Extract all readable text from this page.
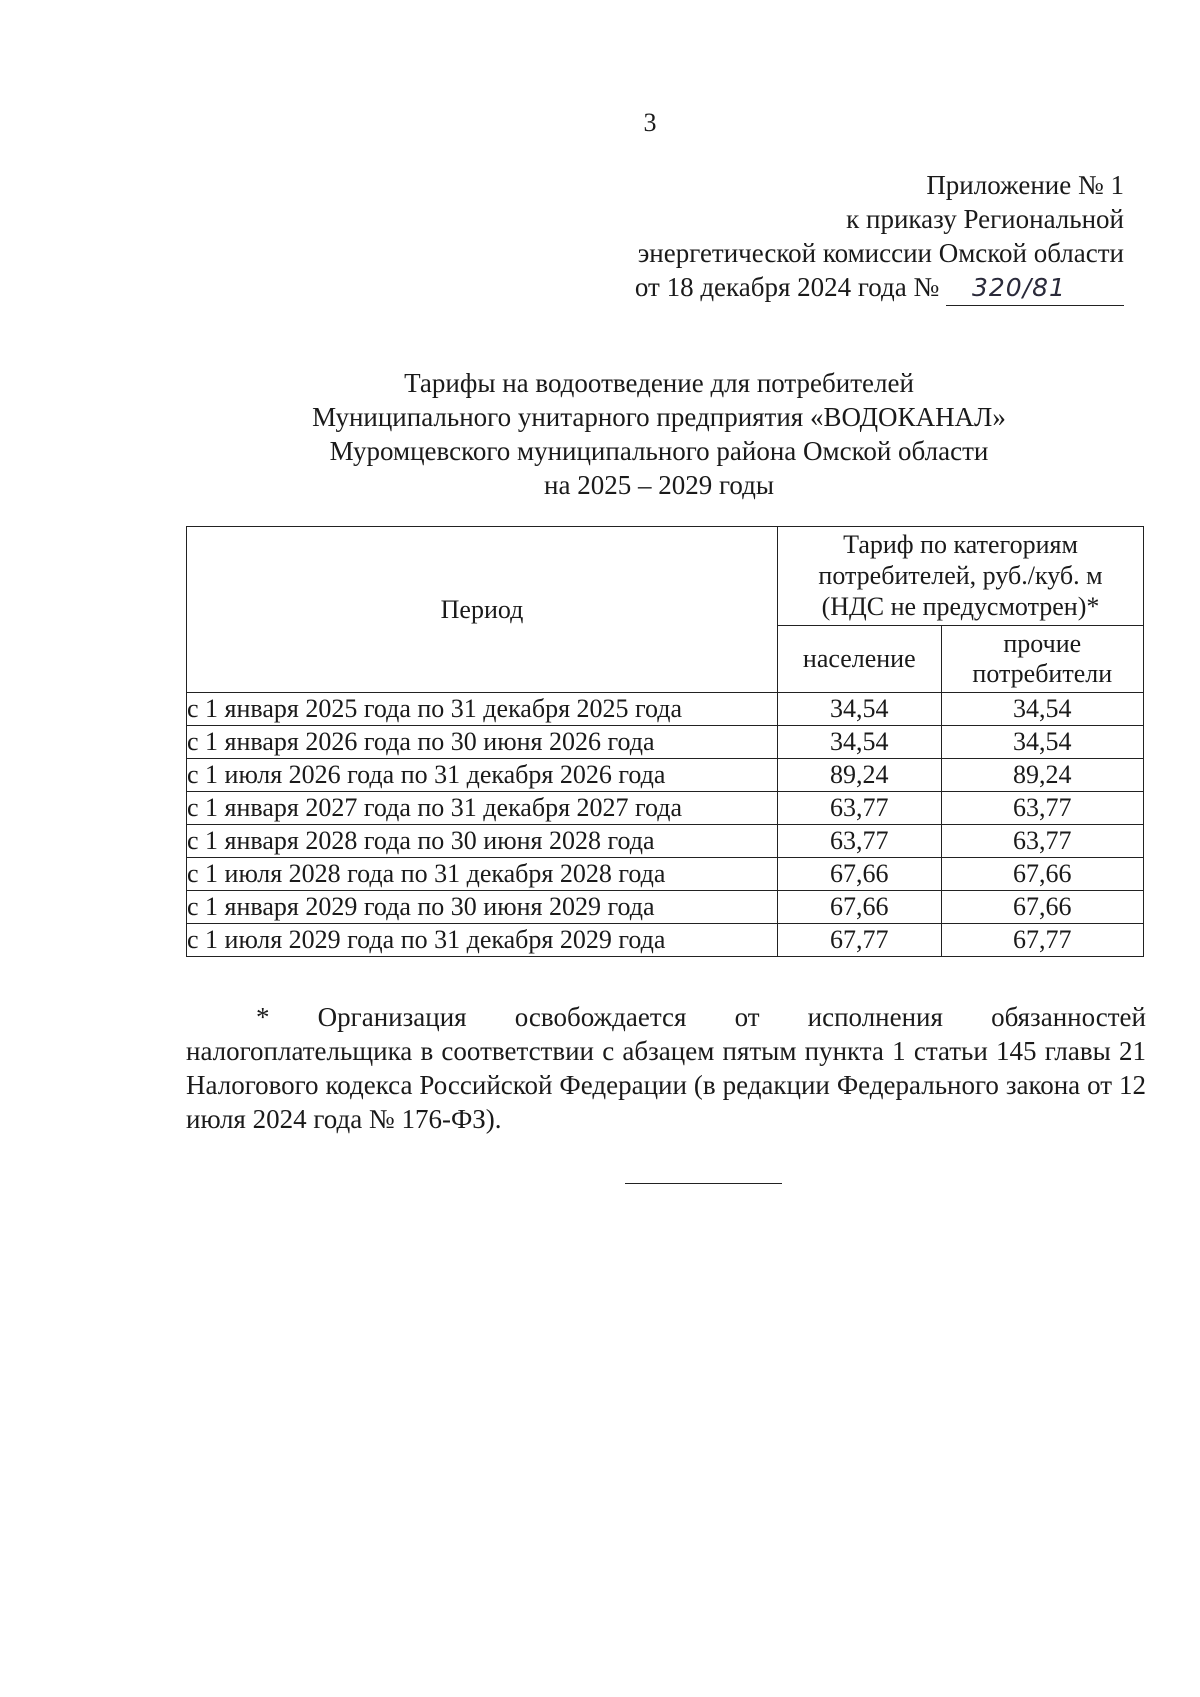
3
Приложение № 1
к приказу Региональной
энергетической комиссии Омской области
от 18 декабря 2024 года № 320/81
Тарифы на водоотведение для потребителей
Муниципального унитарного предприятия «ВОДОКАНАЛ»
Муромцевского муниципального района Омской области
на 2025 – 2029 годы
Период	Тариф по категориям
потребителей, руб./куб. м
(НДС не предусмотрен)*	
	население	прочие
потребители
с 1 января 2025 года по 31 декабря 2025 года	34,54	34,54
с 1 января 2026 года по 30 июня 2026 года	34,54	34,54
с 1 июля 2026 года по 31 декабря 2026 года	89,24	89,24
с 1 января 2027 года по 31 декабря 2027 года	63,77	63,77
с 1 января 2028 года по 30 июня 2028 года	63,77	63,77
с 1 июля 2028 года по 31 декабря 2028 года	67,66	67,66
с 1 января 2029 года по 30 июня 2029 года	67,66	67,66
с 1 июля 2029 года по 31 декабря 2029 года	67,77	67,77
* Организация освобождается от исполнения обязанностей налогоплательщика в соответствии с абзацем пятым пункта 1 статьи 145 главы 21 Налогового кодекса Российской Федерации (в редакции Федерального закона от 12 июля 2024 года № 176-ФЗ).
